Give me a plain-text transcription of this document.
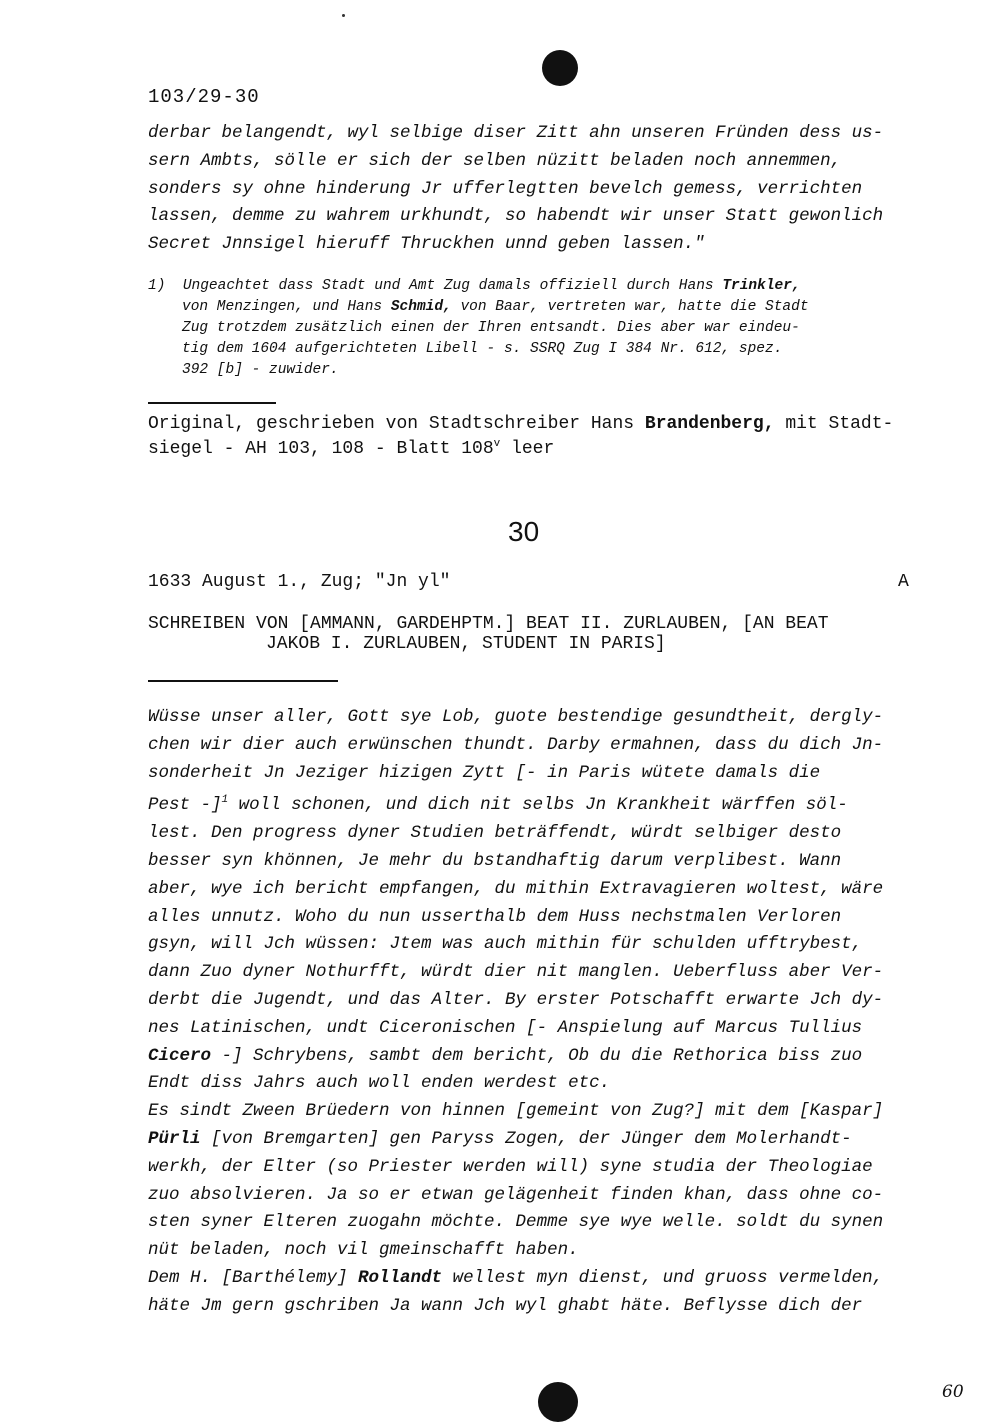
103/29-30
derbar belangendt, wyl selbige diser Zitt ahn unseren Fründen dess us-
sern Ambts, sölle er sich der selben nüzitt beladen noch annemmen,
sonders sy ohne hinderung Jr ufferlegtten bevelch gemess, verrichten
lassen, demme zu wahrem urkhundt, so habendt wir unser Statt gewonlich
Secret Jnnsigel hieruff Thruckhen unnd geben lassen."
1) Ungeachtet dass Stadt und Amt Zug damals offiziell durch Hans Trinkler,
von Menzingen, und Hans Schmid, von Baar, vertreten war, hatte die Stadt
Zug trotzdem zusätzlich einen der Ihren entsandt. Dies aber war eindeu-
tig dem 1604 aufgerichteten Libell - s. SSRQ Zug I 384 Nr. 612, spez.
392 [b] - zuwider.
Original, geschrieben von Stadtschreiber Hans Brandenberg, mit Stadt-
siegel - AH 103, 108 - Blatt 108$^v$ leer
30
1633 August 1., Zug; "Jn yl"	A
SCHREIBEN VON [AMMANN, GARDEHPTM.] BEAT II. ZURLAUBEN, [AN BEAT
JAKOB I. ZURLAUBEN, STUDENT IN PARIS]
Wüsse unser aller, Gott sye Lob, guote bestendige gesundtheit, dergly-
chen wir dier auch erwünschen thundt. Darby ermahnen, dass du dich Jn-
sonderheit Jn Jeziger hizigen Zytt [- in Paris wütete damals die
Pest -]$^1$ woll schonen, und dich nit selbs Jn Krankheit wärffen söl-
lest. Den progress dyner Studien beträffendt, würdt selbiger desto
besser syn khönnen, Je mehr du bstandhaftig darum verplibest. Wann
aber, wye ich bericht empfangen, du mithin Extravagieren woltest, wäre
alles unnutz. Woho du nun usserthalb dem Huss nechstmalen Verloren
gsyn, will Jch wüssen: Jtem was auch mithin für schulden ufftrybest,
dann Zuo dyner Nothurfft, würdt dier nit manglen. Ueberfluss aber Ver-
derbt die Jugendt, und das Alter. By erster Potschafft erwarte Jch dy-
nes Latinischen, undt Ciceronischen [- Anspielung auf Marcus Tullius
Cicero -] Schrybens, sambt dem bericht, Ob du die Rethorica biss zuo
Endt diss Jahrs auch woll enden werdest etc.
Es sindt Zween Brüedern von hinnen [gemeint von Zug?] mit dem [Kaspar]
Pürli [von Bremgarten] gen Paryss Zogen, der Jünger dem Molerhandt-
werkh, der Elter (so Priester werden will) syne studia der Theologiae
zuo absolvieren. Ja so er etwan gelägenheit finden khan, dass ohne co-
sten syner Elteren zuogahn möchte. Demme sye wye welle. soldt du synen
nüt beladen, noch vil gmeinschafft haben.
Dem H. [Barthélemy] Rollandt wellest myn dienst, und gruoss vermelden,
häte Jm gern gschriben Ja wann Jch wyl ghabt häte. Beflysse dich der
60
